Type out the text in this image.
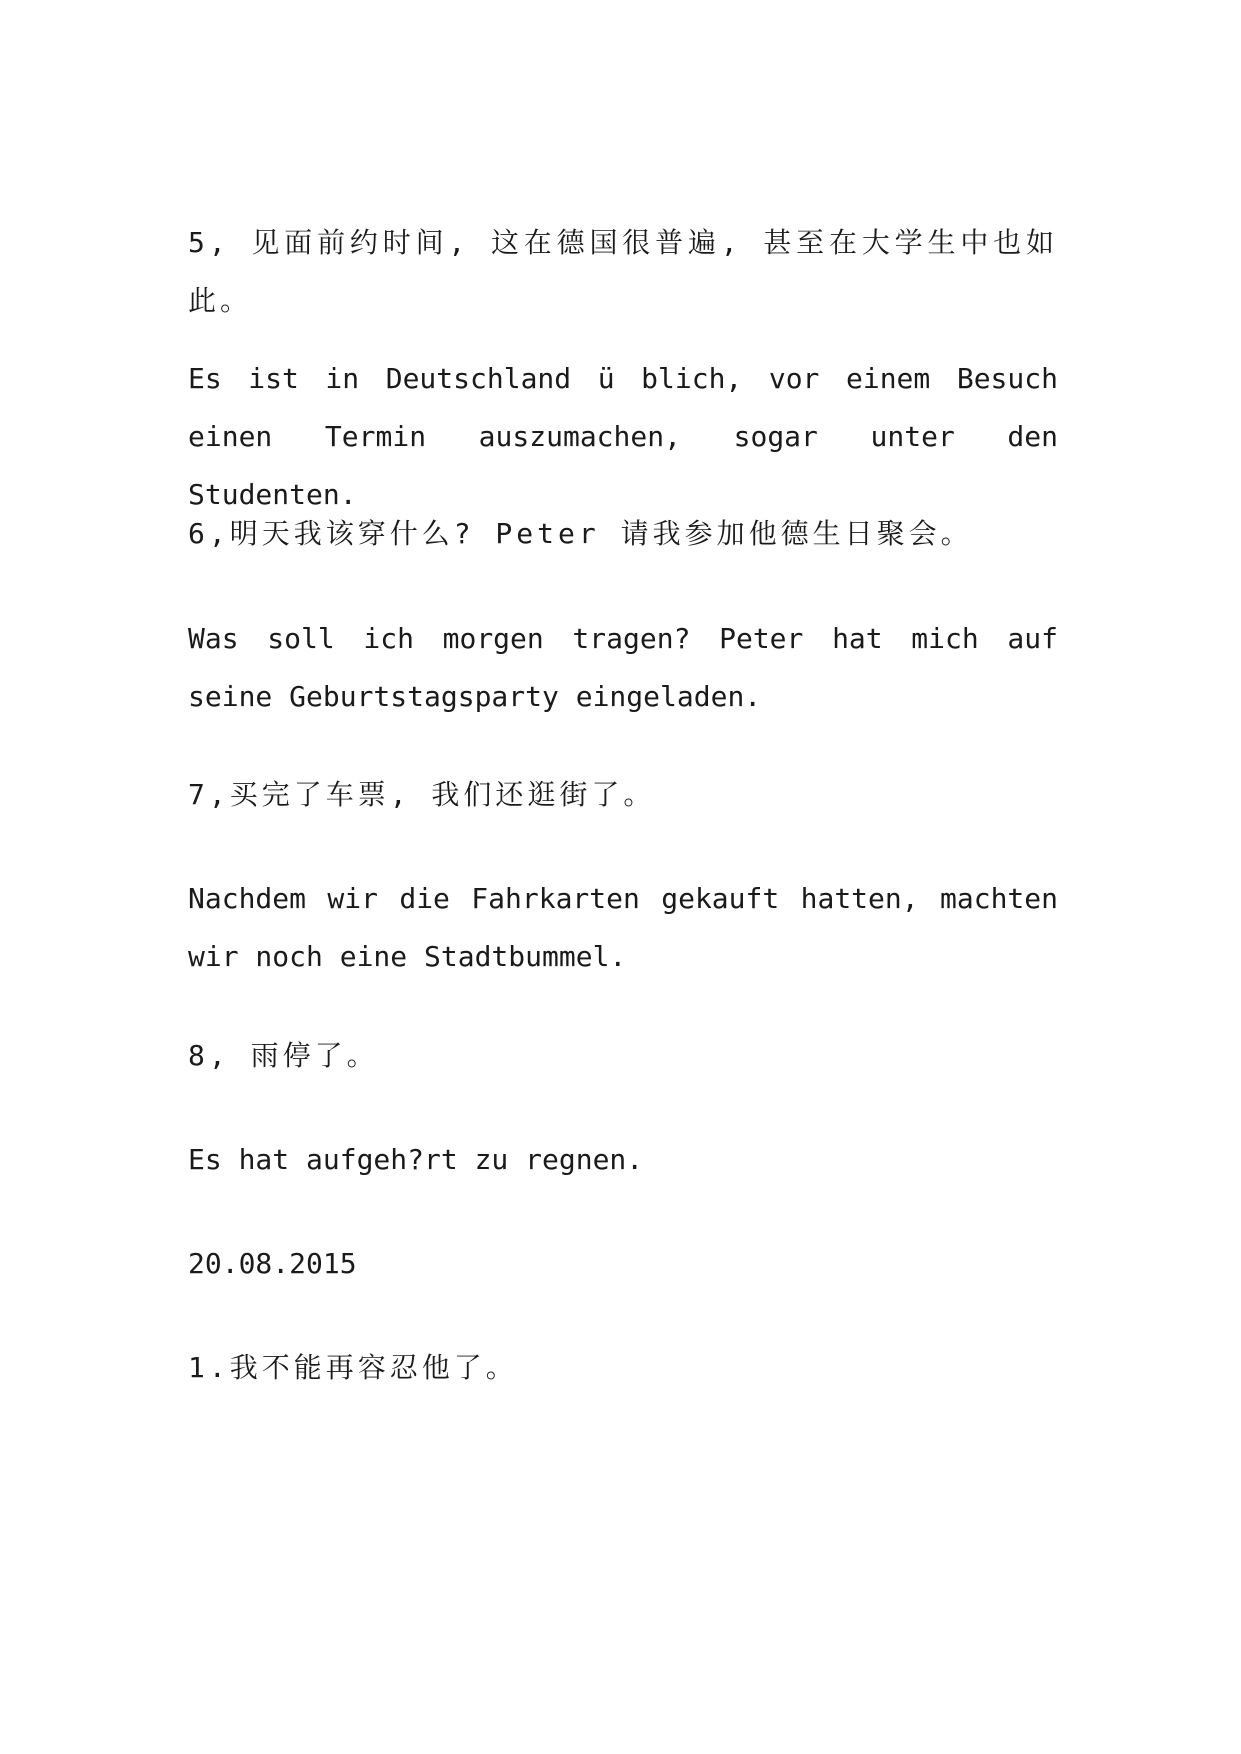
5, 见面前约时间, 这在德国很普遍, 甚至在大学生中也如此。

Es ist in Deutschland ü blich, vor einem Besuch einen Termin auszumachen, sogar unter den Studenten.

6,明天我该穿什么? Peter 请我参加他德生日聚会。

Was soll ich morgen tragen? Peter hat mich auf seine Geburtstagsparty eingeladen.

7,买完了车票, 我们还逛街了。

Nachdem wir die Fahrkarten gekauft hatten, machten wir noch eine Stadtbummel.

8, 雨停了。

Es hat aufgeh?rt zu regnen.

20.08.2015

1.我不能再容忍他了。
